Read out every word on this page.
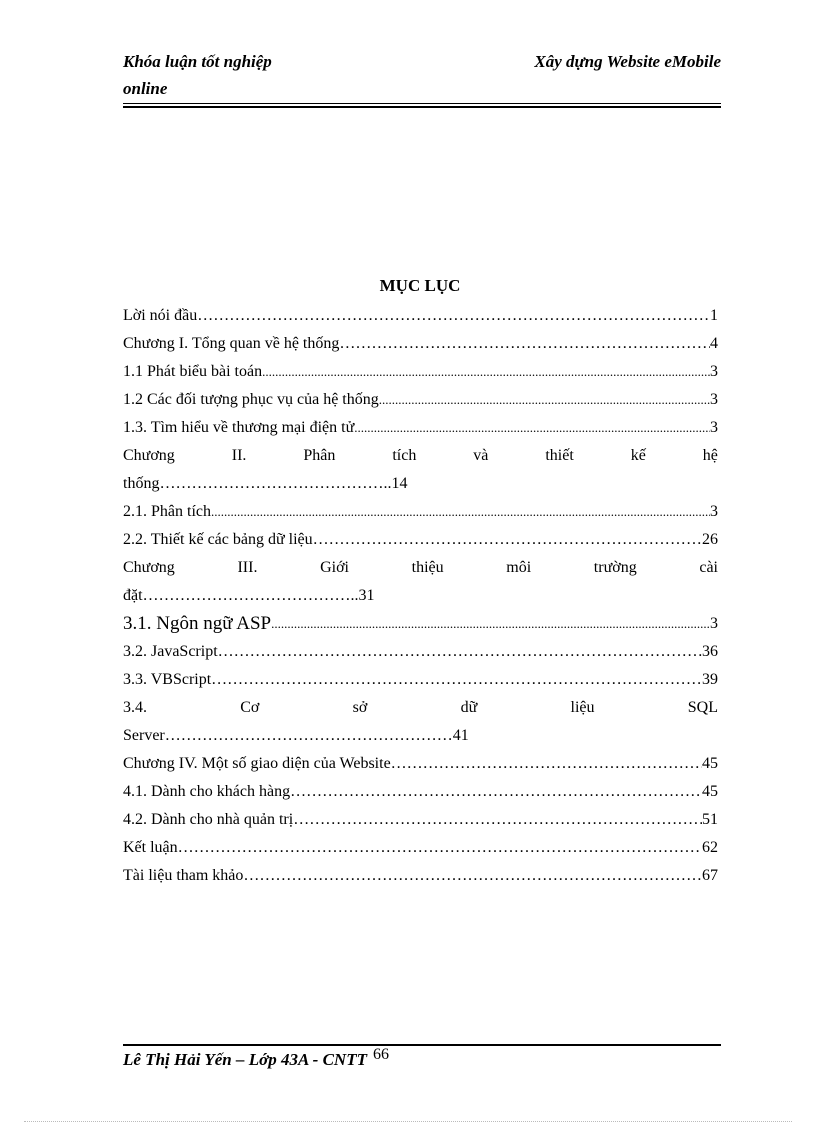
Khóa luận tốt nghiệp
online
Xây dựng Website eMobile
MỤC LỤC
Lời nói đầu ……………………………………………………………………………………………………………………………………………………………………………………………………	1
Chương I. Tổng quan về hệ thống ……………………………………………………………………………………………………………………………………………………………………………………………………	4
1.1 Phát biểu bài toán .....	3
1.2 Các đối tượng phục vụ của hệ thống .....	3
1.3. Tìm hiểu về thương mại điện tử .....	3
Chương	II.	Phân	tích	và	thiết	kế	hệ
thống……………………………………..14
2.1. Phân tích .....	3
2.2. Thiết kế các bảng dữ liệu ……………………………………………………………………………………………………………………………………………………………………………………………………	26
Chương	III.	Giới	thiệu	môi	trường	cài
đặt…………………………………..31
3.1. Ngôn ngữ ASP .....	3
3.2. JavaScript ……………………………………………………………………………………………………………………………………………………………………………………………………	36
3.3. VBScript ……………………………………………………………………………………………………………………………………………………………………………………………………	39
3.4.	Cơ	sở	dữ	liệu	SQL
Server………………………………………………41
Chương IV. Một số giao diện của Website ……………………………………………………………………………………………………………………………………………………………………………………………………	45
4.1. Dành cho khách hàng ……………………………………………………………………………………………………………………………………………………………………………………………………	45
4.2. Dành cho nhà quản trị ……………………………………………………………………………………………………………………………………………………………………………………………………	51
Kết luận ……………………………………………………………………………………………………………………………………………………………………………………………………	62
Tài liệu tham khảo ……………………………………………………………………………………………………………………………………………………………………………………………………	67
Lê Thị Hải Yến – Lớp 43A - CNTT 66
